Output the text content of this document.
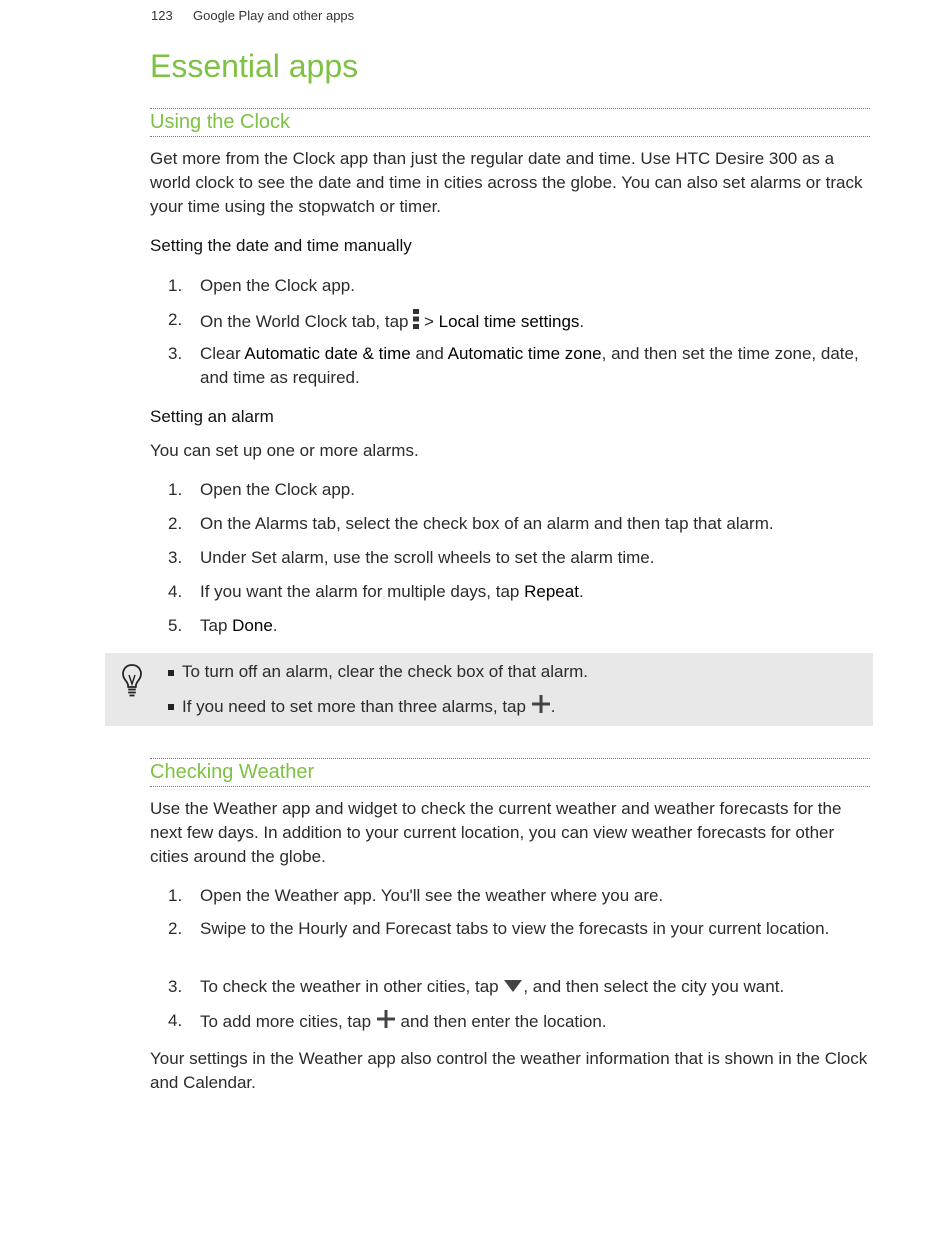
123 Google Play and other apps
Essential apps
Using the Clock

Get more from the Clock app than just the regular date and time. Use HTC Desire 300 as a world clock to see the date and time in cities across the globe. You can also set alarms or track your time using the stopwatch or timer.

Setting the date and time manually
1.	Open the Clock app.
2.	On the World Clock tab, tap  > Local time settings.
3.	Clear Automatic date & time and Automatic time zone, and then set the time zone, date, and time as required.
Setting an alarm

You can set up one or more alarms.

1.	Open the Clock app.
2.	On the Alarms tab, select the check box of an alarm and then tap that alarm.
3.	Under Set alarm, use the scroll wheels to set the alarm time.
4.	If you want the alarm for multiple days, tap Repeat.
5.	Tap Done.
To turn off an alarm, clear the check box of that alarm.
If you need to set more than three alarms, tap .
Checking Weather

Use the Weather app and widget to check the current weather and weather forecasts for the next few days. In addition to your current location, you can view weather forecasts for other cities around the globe.

1.	Open the Weather app. You'll see the weather where you are.
2.	Swipe to the Hourly and Forecast tabs to view the forecasts in your current location.
3.	To check the weather in other cities, tap , and then select the city you want.
4.	To add more cities, tap  and then enter the location.

Your settings in the Weather app also control the weather information that is shown in the Clock and Calendar.
